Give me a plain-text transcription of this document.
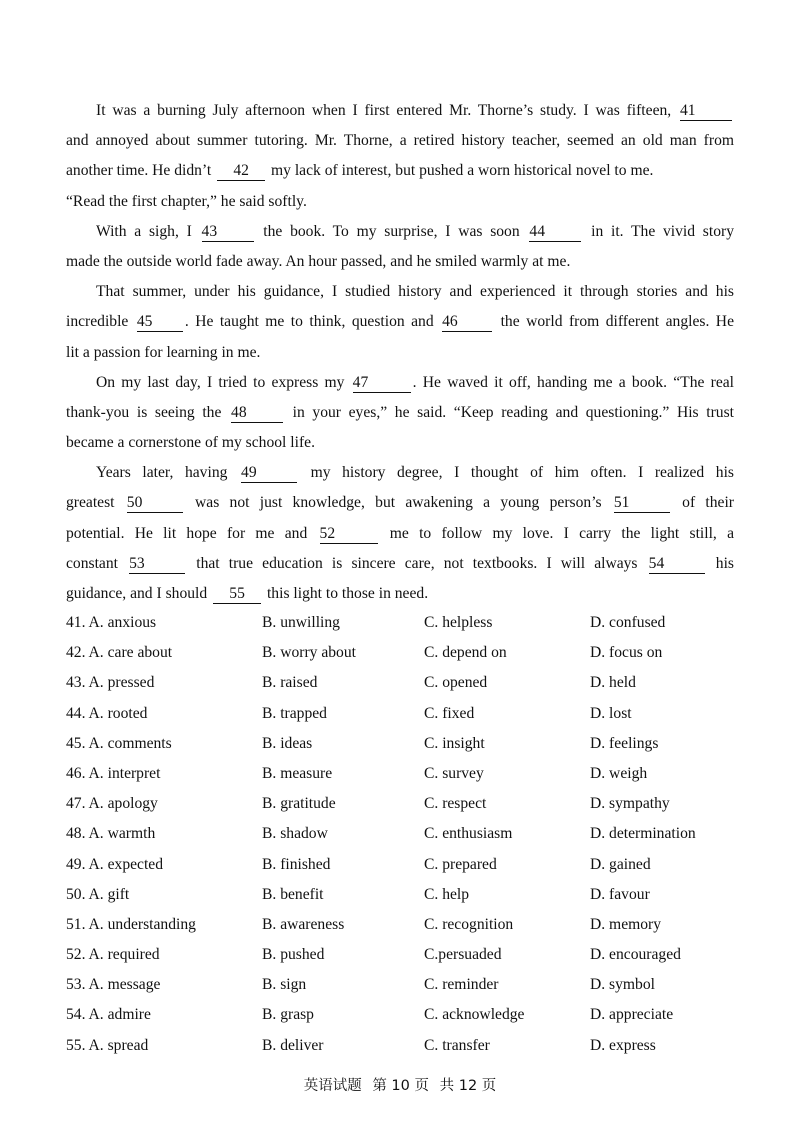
It was a burning July afternoon when I first entered Mr. Thorne’s study. I was fifteen, 41
and annoyed about summer tutoring. Mr. Thorne, a retired history teacher, seemed an old man from
another time. He didn’t 42 my lack of interest, but pushed a worn historical novel to me.
“Read the first chapter,” he said softly.
With a sigh, I 43 the book. To my surprise, I was soon 44 in it. The vivid story
made the outside world fade away. An hour passed, and he smiled warmly at me.
That summer, under his guidance, I studied history and experienced it through stories and his
incredible 45 . He taught me to think, question and 46 the world from different angles. He
lit a passion for learning in me.
On my last day, I tried to express my 47	. He waved it off, handing me a book. “The real
thank-you is seeing the 48 in your eyes,” he said. “Keep reading and questioning.” His trust
became a cornerstone of my school life.
Years later, having 49	my history degree, I thought of him often. I realized his
greatest 50	was not just knowledge, but awakening a young person’s 51	of their
potential. He lit hope for me and 52	me to follow my love. I carry the light still, a
constant 53	that true education is sincere care, not textbooks. I will always 54	his
guidance, and I should 55 this light to those in need.
41. A. anxious	B. unwilling	C. helpless	D. confused
42. A. care about	B. worry about	C. depend on	D. focus on
43. A. pressed	B. raised	C. opened	D. held
44. A. rooted	B. trapped	C. fixed	D. lost
45. A. comments	B. ideas	C. insight	D. feelings
46. A. interpret	B. measure	C. survey	D. weigh
47. A. apology	B. gratitude	C. respect	D. sympathy
48. A. warmth	B. shadow	C. enthusiasm	D. determination
49. A. expected	B. finished	C. prepared	D. gained
50. A. gift	B. benefit	C. help	D. favour
51. A. understanding	B. awareness	C. recognition	D. memory
52. A. required	B. pushed	C.persuaded	D. encouraged
53. A. message	B. sign	C. reminder	D. symbol
54. A. admire	B. grasp	C. acknowledge	D. appreciate
55. A. spread	B. deliver	C. transfer	D. express
英语试题 第 10 页 共 12 页
